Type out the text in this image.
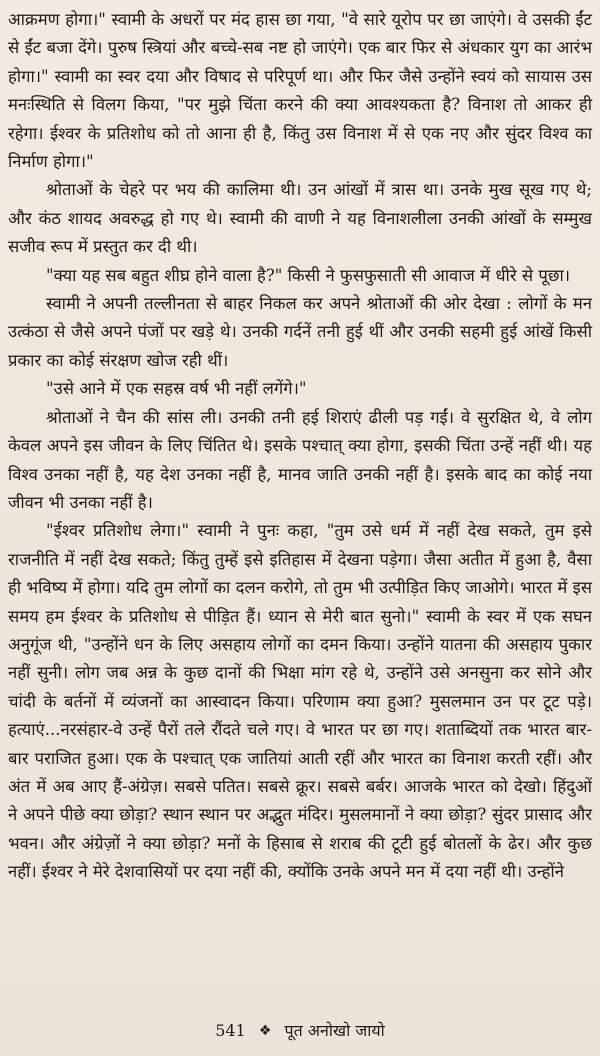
आक्रमण होगा।" स्वामी के अधरों पर मंद हास छा गया, "वे सारे यूरोप पर छा जाएंगे। वे उसकी ईंट से ईंट बजा देंगे। पुरुष स्त्रियां और बच्चे-सब नष्ट हो जाएंगे। एक बार फिर से अंधकार युग का आरंभ होगा।" स्वामी का स्वर दया और विषाद से परिपूर्ण था। और फिर जैसे उन्होंने स्वयं को सायास उस मनःस्थिति से विलग किया, "पर मुझे चिंता करने की क्या आवश्यकता है? विनाश तो आकर ही रहेगा। ईश्वर के प्रतिशोध को तो आना ही है, किंतु उस विनाश में से एक नए और सुंदर विश्व का निर्माण होगा।"

श्रोताओं के चेहरे पर भय की कालिमा थी। उन आंखों में त्रास था। उनके मुख सूख गए थे; और कंठ शायद अवरुद्ध हो गए थे। स्वामी की वाणी ने यह विनाशलीला उनकी आंखों के सम्मुख सजीव रूप में प्रस्तुत कर दी थी।

"क्या यह सब बहुत शीघ्र होने वाला है?" किसी ने फुसफुसाती सी आवाज में धीरे से पूछा।

स्वामी ने अपनी तल्लीनता से बाहर निकल कर अपने श्रोताओं की ओर देखा : लोगों के मन उत्कंठा से जैसे अपने पंजों पर खड़े थे। उनकी गर्दनें तनी हुई थीं और उनकी सहमी हुई आंखें किसी प्रकार का कोई संरक्षण खोज रही थीं।

"उसे आने में एक सहस्र वर्ष भी नहीं लगेंगे।"

श्रोताओं ने चैन की सांस ली। उनकी तनी हई शिराएं ढीली पड़ गईं। वे सुरक्षित थे, वे लोग केवल अपने इस जीवन के लिए चिंतित थे। इसके पश्चात् क्या होगा, इसकी चिंता उन्हें नहीं थी। यह विश्व उनका नहीं है, यह देश उनका नहीं है, मानव जाति उनकी नहीं है। इसके बाद का कोई नया जीवन भी उनका नहीं है।

"ईश्वर प्रतिशोध लेगा।" स्वामी ने पुनः कहा, "तुम उसे धर्म में नहीं देख सकते, तुम इसे राजनीति में नहीं देख सकते; किंतु तुम्हें इसे इतिहास में देखना पड़ेगा। जैसा अतीत में हुआ है, वैसा ही भविष्य में होगा। यदि तुम लोगों का दलन करोगे, तो तुम भी उत्पीड़ित किए जाओगे। भारत में इस समय हम ईश्वर के प्रतिशोध से पीड़ित हैं। ध्यान से मेरी बात सुनो।" स्वामी के स्वर में एक सघन अनुगूंज थी, "उन्होंने धन के लिए असहाय लोगों का दमन किया। उन्होंने यातना की असहाय पुकार नहीं सुनी। लोग जब अन्न के कुछ दानों की भिक्षा मांग रहे थे, उन्होंने उसे अनसुना कर सोने और चांदी के बर्तनों में व्यंजनों का आस्वादन किया। परिणाम क्या हुआ? मुसलमान उन पर टूट पड़े। हत्याएं...नरसंहार-वे उन्हें पैरों तले रौंदते चले गए। वे भारत पर छा गए। शताब्दियों तक भारत बार-बार पराजित हुआ। एक के पश्चात् एक जातियां आती रहीं और भारत का विनाश करती रहीं। और अंत में अब आए हैं-अंग्रेज़। सबसे पतित। सबसे क्रूर। सबसे बर्बर। आजके भारत को देखो। हिंदुओं ने अपने पीछे क्या छोड़ा? स्थान स्थान पर अद्भुत मंदिर। मुसलमानों ने क्या छोड़ा? सुंदर प्रासाद और भवन। और अंग्रेज़ों ने क्या छोड़ा? मनों के हिसाब से शराब की टूटी हुई बोतलों के ढेर। और कुछ नहीं। ईश्वर ने मेरे देशवासियों पर दया नहीं की, क्योंकि उनके अपने मन में दया नहीं थी। उन्होंने

541 ❖ पूत अनोखो जायो
